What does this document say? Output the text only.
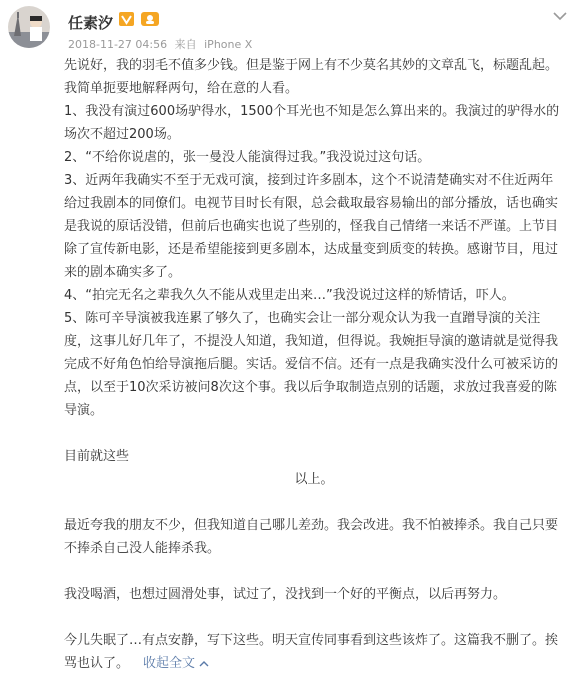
任素汐
2018-11-27 04:56 来自 iPhone X

先说好，我的羽毛不值多少钱。但是鉴于网上有不少莫名其妙的文章乱飞，标题乱起。我简单扼要地解释两句，给在意的人看。

1、我没有演过600场驴得水，1500个耳光也不知是怎么算出来的。我演过的驴得水的场次不超过200场。

2、“不给你说虐的，张一曼没人能演得过我。”我没说过这句话。

3、近两年我确实不至于无戏可演，接到过许多剧本，这个不说清楚确实对不住近两年给过我剧本的同僚们。电视节目时长有限，总会截取最容易输出的部分播放，话也确实是我说的原话没错，但前后也确实也说了些别的，怪我自己情绪一来话不严谨。上节目除了宣传新电影，还是希望能接到更多剧本，达成量变到质变的转换。感谢节目，甩过来的剧本确实多了。

4、“拍完无名之辈我久久不能从戏里走出来…”我没说过这样的矫情话，吓人。

5、陈可辛导演被我连累了够久了，也确实会让一部分观众认为我一直蹭导演的关注度，这事儿好几年了，不提没人知道，我知道，但得说。我婉拒导演的邀请就是觉得我完成不好角色怕给导演拖后腿。实话。爱信不信。还有一点是我确实没什么可被采访的点，以至于10次采访被问8次这个事。我以后争取制造点别的话题，求放过我喜爱的陈导演。

目前就这些

以上。

最近夸我的朋友不少，但我知道自己哪儿差劲。我会改进。我不怕被捧杀。我自己只要不捧杀自己没人能捧杀我。

我没喝酒，也想过圆滑处事，试过了，没找到一个好的平衡点，以后再努力。

今儿失眠了…有点安静，写下这些。明天宣传同事看到这些该炸了。这篇我不删了。挨骂也认了。 收起全文
